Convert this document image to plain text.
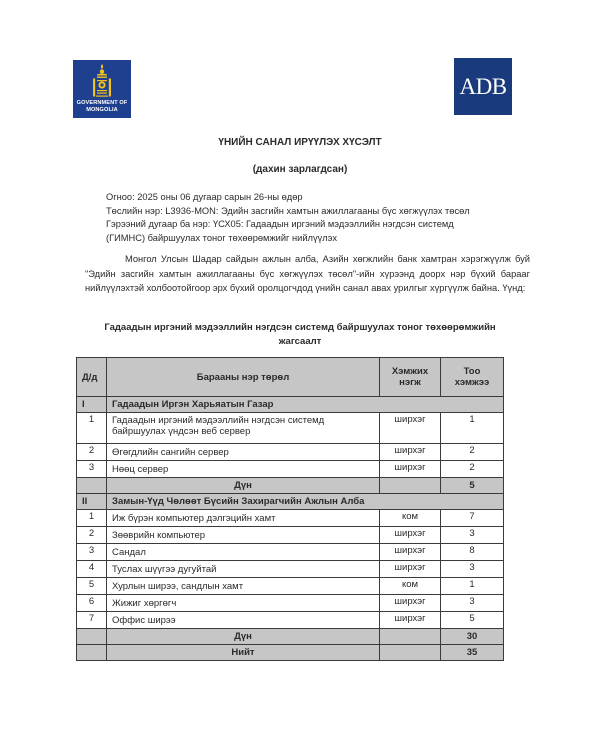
GOVERNMENT OF
MONGOLIA
ADB
ҮНИЙН САНАЛ ИРҮҮЛЭХ ХҮСЭЛТ
(дахин зарлагдсан)
Огноо: 2025 оны 06 дугаар сарын 26-ны өдөр
Төслийн нэр: L3936-MON: Эдийн засгийн хамтын ажиллагааны бүс хөгжүүлэх төсөл
Гэрээний дугаар ба нэр: ҮСХ05: Гадаадын иргэний мэдээллийн нэгдсэн системд
(ГИМНС) байршуулах тоног төхөөрөмжийг нийлүүлэх
Монгол Улсын Шадар сайдын ажлын алба, Азийн хөгжлийн банк хамтран хэрэгжүүлж буй "Эдийн засгийн хамтын ажиллагааны бүс хөгжүүлэх төсөл"-ийн хүрээнд доорх нэр бүхий барааг нийлүүлэхтэй холбоотойгоор эрх бүхий оролцогчдод үнийн санал авах урилгыг хүргүүлж байна. Үүнд:
Гадаадын иргэний мэдээллийн нэгдсэн системд байршуулах тоног төхөөрөмжийн жагсаалт
Д/д	Барааны нэр төрөл	Хэмжих нэгж	Тоо хэмжээ
I	Гадаадын Иргэн Харьяатын Газар		
1	Гадаадын иргэний мэдээллийн нэгдсэн системд байршуулах үндсэн веб сервер	ширхэг	1
2	Өгөгдлийн сангийн сервер	ширхэг	2
3	Нөөц сервер	ширхэг	2
	Дүн		5
II	Замын-Үүд Чөлөөт Бүсийн Захирагчийн Ажлын Алба		
1	Иж бүрэн компьютер дэлгэцийн хамт	ком	7
2	Зөөврийн компьютер	ширхэг	3
3	Сандал	ширхэг	8
4	Туслах шүүгээ дугуйтай	ширхэг	3
5	Хурлын ширээ, сандлын хамт	ком	1
6	Жижиг хөргөгч	ширхэг	3
7	Оффис ширээ	ширхэг	5
	Дүн		30
	Нийт		35
